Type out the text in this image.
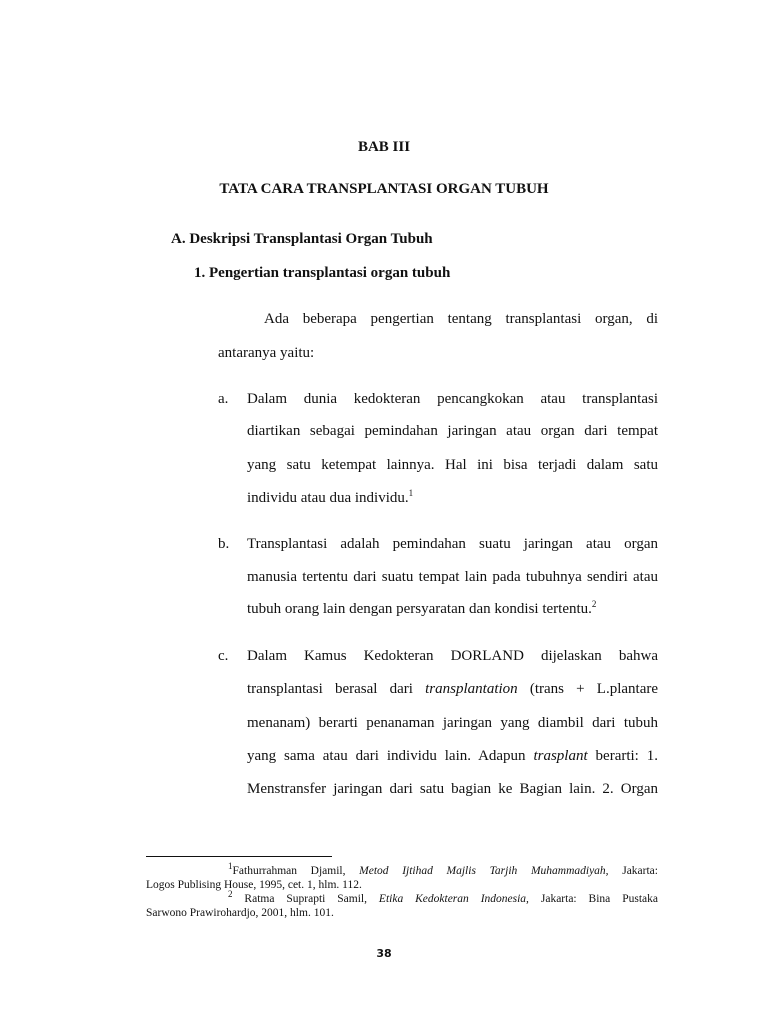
BAB III
TATA CARA TRANSPLANTASI ORGAN TUBUH
A. Deskripsi Transplantasi Organ Tubuh
1. Pengertian transplantasi organ tubuh
Ada beberapa pengertian tentang transplantasi organ, di
antaranya yaitu:
a. Dalam dunia kedokteran pencangkokan atau transplantasi
diartikan sebagai pemindahan jaringan atau organ dari tempat
yang satu ketempat lainnya. Hal ini bisa terjadi dalam satu
individu atau dua individu.$^1$
b. Transplantasi adalah pemindahan suatu jaringan atau organ
manusia tertentu dari suatu tempat lain pada tubuhnya sendiri atau
tubuh orang lain dengan persyaratan dan kondisi tertentu.$^2$
c. Dalam Kamus Kedokteran DORLAND dijelaskan bahwa
transplantasi berasal dari transplantation (trans + L.plantare
menanam) berarti penanaman jaringan yang diambil dari tubuh
yang sama atau dari individu lain. Adapun trasplant berarti: 1.
Menstransfer jaringan dari satu bagian ke Bagian lain. 2. Organ
$^1$Fathurrahman Djamil, Metod Ijtihad Majlis Tarjih Muhammadiyah, Jakarta:
Logos Publising House, 1995, cet. 1, hlm. 112.
$^2$ Ratma Suprapti Samil, Etika Kedokteran Indonesia, Jakarta: Bina Pustaka
Sarwono Prawirohardjo, 2001, hlm. 101.
38
